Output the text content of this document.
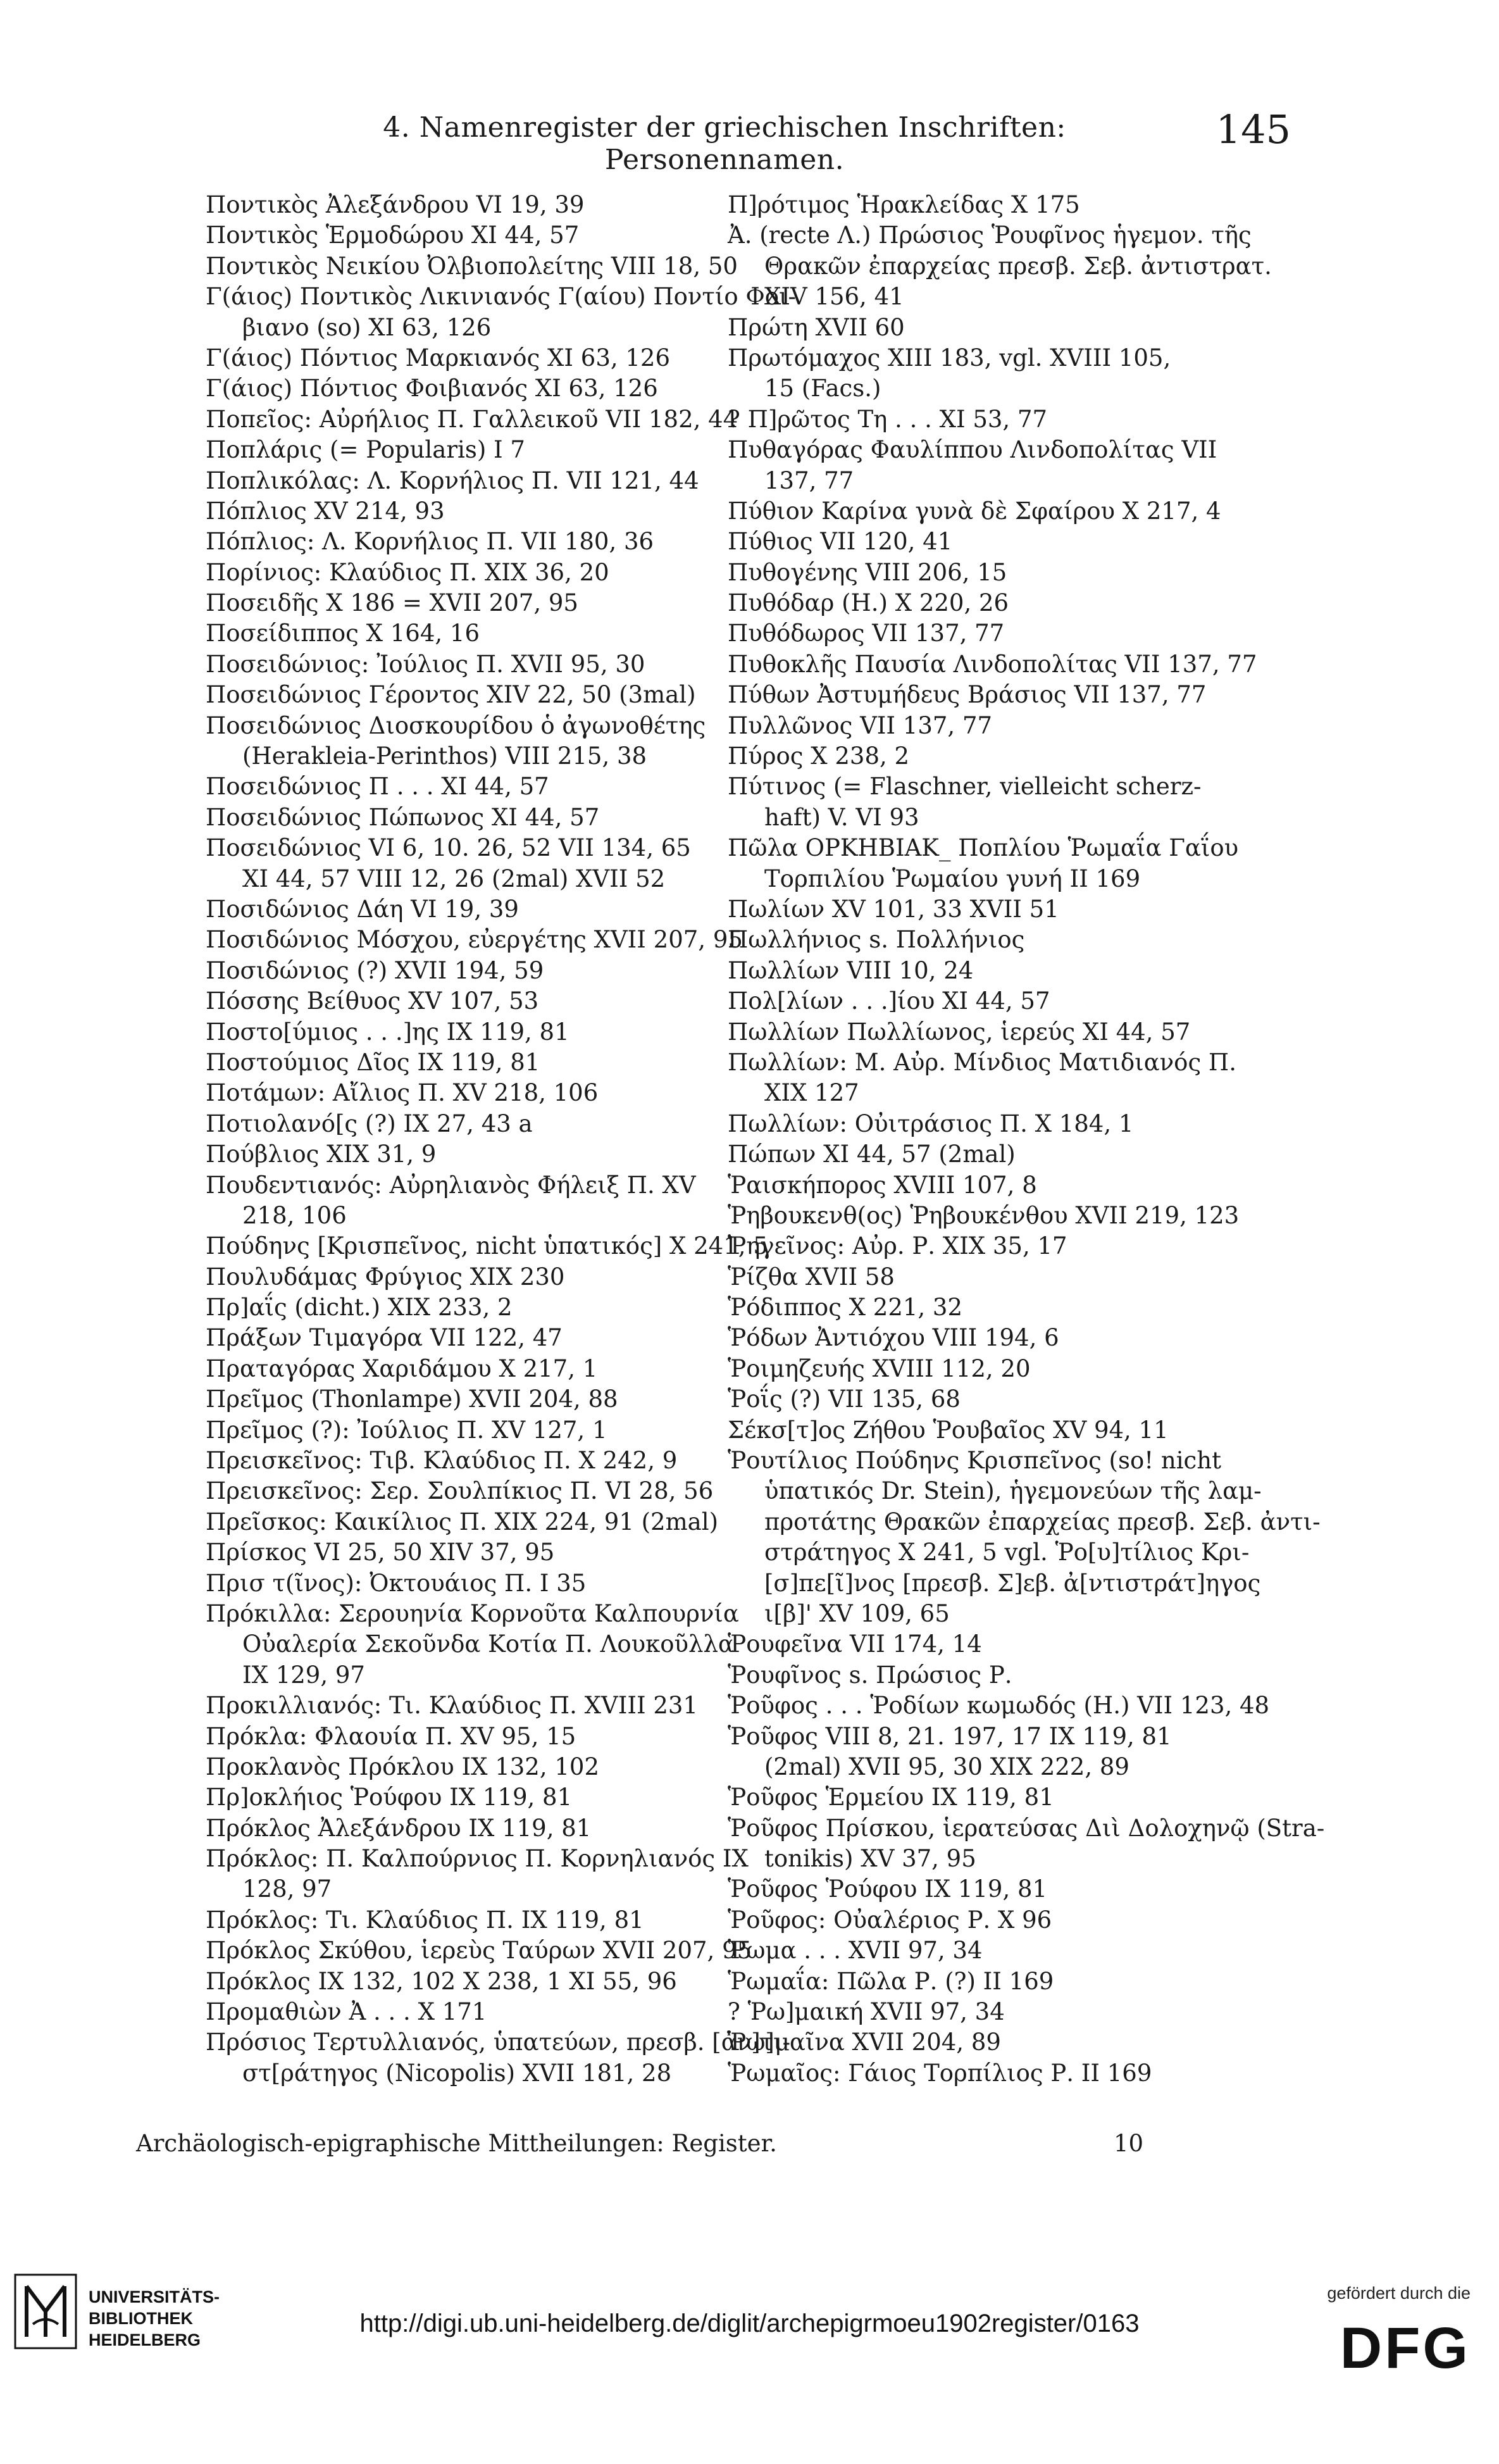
4. Namenregister der griechischen Inschriften: Personennamen.
145
Ποντικὸς Ἀλεξάνδρου VI 19, 39
Ποντικὸς Ἑρμοδώρου XI 44, 57
Ποντικὸς Νεικίου Ὀλβιοπολείτης VIII 18, 50
Γ(άιος) Ποντικὸς Λικινιανός Γ(αίου) Ποντίο Φοι-
βιανο (so) XI 63, 126
Γ(άιος) Πόντιος Μαρκιανός XI 63, 126
Γ(άιος) Πόντιος Φοιβιανός XI 63, 126
Ποπεῖος: Αὐρήλιος Π. Γαλλεικοῦ VII 182, 44
Ποπλάρις (= Popularis) I 7
Ποπλικόλας: Λ. Κορνήλιος Π. VII 121, 44
Πόπλιος XV 214, 93
Πόπλιος: Λ. Κορνήλιος Π. VII 180, 36
Πορίνιος: Κλαύδιος Π. XIX 36, 20
Ποσειδῆς X 186 = XVII 207, 95
Ποσείδιππος X 164, 16
Ποσειδώνιος: Ἰούλιος Π. XVII 95, 30
Ποσειδώνιος Γέροντος XIV 22, 50 (3mal)
Ποσειδώνιος Διοσκουρίδου ὁ ἀγωνοθέτης
(Herakleia-Perinthos) VIII 215, 38
Ποσειδώνιος Π . . . XI 44, 57
Ποσειδώνιος Πώπωνος XI 44, 57
Ποσειδώνιος VI 6, 10. 26, 52 VII 134, 65
XI 44, 57 VIII 12, 26 (2mal) XVII 52
Ποσιδώνιος Δάη VI 19, 39
Ποσιδώνιος Μόσχου, εὐεργέτης XVII 207, 95
Ποσιδώνιος (?) XVII 194, 59
Πόσσης Βείθυος XV 107, 53
Ποστο[ύμιος . . .]ης IX 119, 81
Ποστούμιος Δῖος IX 119, 81
Ποτάμων: Αἴλιος Π. XV 218, 106
Ποτιολανό[ς (?) IX 27, 43 a
Πούβλιος XIX 31, 9
Πουδεντιανός: Αὐρηλιανὸς Φήλειξ Π. XV
218, 106
Πούδηνς [Κρισπεῖνος, nicht ὑπατικός] X 241, 5
Πουλυδάμας Φρύγιος XIX 230
Πρ]αΐς (dicht.) XIX 233, 2
Πράξων Τιμαγόρα VII 122, 47
Πραταγόρας Χαριδάμου X 217, 1
Πρεῖμος (Thonlampe) XVII 204, 88
Πρεῖμος (?): Ἰούλιος Π. XV 127, 1
Πρεισκεῖνος: Τιβ. Κλαύδιος Π. X 242, 9
Πρεισκεῖνος: Σερ. Σουλπίκιος Π. VI 28, 56
Πρεῖσκος: Καικίλιος Π. XIX 224, 91 (2mal)
Πρίσκος VI 25, 50 XIV 37, 95
Πρισ τ(ῖνος): Ὀκτουάιος Π. I 35
Πρόκιλλα: Σερουηνία Κορνοῦτα Καλπουρνία
Οὐαλερία Σεκοῦνδα Κοτία Π. Λουκοῦλλα
IX 129, 97
Προκιλλιανός: Τι. Κλαύδιος Π. XVIII 231
Πρόκλα: Φλαουία Π. XV 95, 15
Προκλανὸς Πρόκλου IX 132, 102
Πρ]οκλήιος Ῥούφου IX 119, 81
Πρόκλος Ἀλεξάνδρου IX 119, 81
Πρόκλος: Π. Καλπούρνιος Π. Κορνηλιανός IX
128, 97
Πρόκλος: Τι. Κλαύδιος Π. IX 119, 81
Πρόκλος Σκύθου, ἱερεὺς Ταύρων XVII 207, 95
Πρόκλος IX 132, 102 X 238, 1 XI 55, 96
Προμαθιὼν Ἀ . . . X 171
Πρόσιος Τερτυλλιανός, ὑπατεύων, πρεσβ. [ἀν]τι-
στ[ράτηγος (Nicopolis) XVII 181, 28
Π]ρότιμος Ἡρακλείδας X 175
Ἀ. (recte Λ.) Πρώσιος Ῥουφῖνος ἡγεμον. τῆς
Θρακῶν ἐπαρχείας πρεσβ. Σεβ. ἀντιστρατ.
XIV 156, 41
Πρώτη XVII 60
Πρωτόμαχος XIII 183, vgl. XVIII 105,
15 (Facs.)
? Π]ρῶτος Τη . . . XI 53, 77
Πυθαγόρας Φαυλίππου Λινδοπολίτας VII
137, 77
Πύθιον Καρίνα γυνὰ δὲ Σφαίρου X 217, 4
Πύθιος VII 120, 41
Πυθογένης VIII 206, 15
Πυθόδαρ (H.) X 220, 26
Πυθόδωρος VII 137, 77
Πυθοκλῆς Παυσία Λινδοπολίτας VII 137, 77
Πύθων Ἀστυμήδευς Βράσιος VII 137, 77
Πυλλῶνος VII 137, 77
Πύρος X 238, 2
Πύτινος (= Flaschner, vielleicht scherz-
haft) V. VI 93
Πῶλα ΟΡΚΗΒΙΑΚ_ Ποπλίου Ῥωμαΐα Γαΐου
Τορπιλίου Ῥωμαίου γυνή II 169
Πωλίων XV 101, 33 XVII 51
Πωλλήνιος s. Πολλήνιος
Πωλλίων VIII 10, 24
Πολ[λίων . . .]ίου XI 44, 57
Πωλλίων Πωλλίωνος, ἱερεύς XI 44, 57
Πωλλίων: Μ. Αὐρ. Μίνδιος Ματιδιανός Π.
XIX 127
Πωλλίων: Οὐιτράσιος Π. X 184, 1
Πώπων XI 44, 57 (2mal)
Ῥαισκήπορος XVIII 107, 8
Ῥηβουκενθ(ος) Ῥηβουκένθου XVII 219, 123
Ῥηγεῖνος: Αὐρ. Ρ. XIX 35, 17
Ῥίζθα XVII 58
Ῥόδιππος X 221, 32
Ῥόδων Ἀντιόχου VIII 194, 6
Ῥοιμηζευής XVIII 112, 20
Ῥοΐς (?) VII 135, 68
Σέκσ[τ]ος Ζήθου Ῥουβαῖος XV 94, 11
Ῥουτίλιος Πούδηνς Κρισπεῖνος (so! nicht
ὑπατικός Dr. Stein), ἡγεμονεύων τῆς λαμ-
προτάτης Θρακῶν ἐπαρχείας πρεσβ. Σεβ. ἀντι-
στράτηγος X 241, 5 vgl. Ῥο[υ]τίλιος Κρι-
[σ]πε[ῖ]νος [πρεσβ. Σ]εβ. ἀ[ντιστράτ]ηγος
ι[β]' XV 109, 65
Ῥουφεῖνα VII 174, 14
Ῥουφῖνος s. Πρώσιος Ρ.
Ῥοῦφος . . . Ῥοδίων κωμωδός (H.) VII 123, 48
Ῥοῦφος VIII 8, 21. 197, 17 IX 119, 81
(2mal) XVII 95, 30 XIX 222, 89
Ῥοῦφος Ἑρμείου IX 119, 81
Ῥοῦφος Πρίσκου, ἱερατεύσας Διὶ Δολοχηνῷ (Stra-
tonikis) XV 37, 95
Ῥοῦφος Ῥούφου IX 119, 81
Ῥοῦφος: Οὐαλέριος Ρ. X 96
Ῥωμα . . . XVII 97, 34
Ῥωμαΐα: Πῶλα Ρ. (?) II 169
? Ῥω]μαική XVII 97, 34
Ῥω]μαῖνα XVII 204, 89
Ῥωμαῖος: Γάιος Τορπίλιος Ρ. II 169
Archäologisch-epigraphische Mittheilungen: Register.	10
UNIVERSITÄTS-
BIBLIOTHEK
HEIDELBERG
http://digi.ub.uni-heidelberg.de/diglit/archepigrmoeu1902register/0163
gefördert durch die
DFG
